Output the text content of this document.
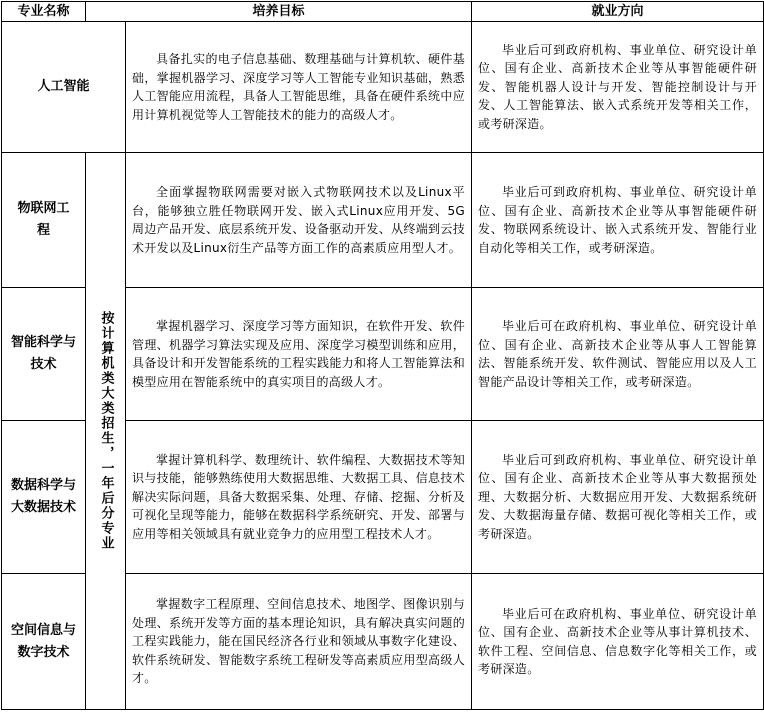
专业名称	培养目标		就业方向
人工智能		具备扎实的电子信息基础、数理基础与计算机软、硬件基础，掌握机器学习、深度学习等人工智能专业知识基础，熟悉人工智能应用流程，具备人工智能思维，具备在硬件系统中应用计算机视觉等人工智能技术的能力的高级人才。	毕业后可到政府机构、事业单位、研究设计单位、国有企业、高新技术企业等从事智能硬件研发、智能机器人设计与开发、智能控制设计与开发、人工智能算法、嵌入式系统开发等相关工作，或考研深造。

物联网工程	按计算机类大类招生，一年后分专业	全面掌握物联网需要对嵌入式物联网技术以及Linux平台，能够独立胜任物联网开发、嵌入式Linux应用开发、5G周边产品开发、底层系统开发、设备驱动开发、从终端到云技术开发以及Linux衍生产品等方面工作的高素质应用型人才。	毕业后可到政府机构、事业单位、研究设计单位、国有企业、高新技术企业等从事智能硬件研发、物联网系统设计、嵌入式系统开发、智能行业自动化等相关工作，或考研深造。

智能科学与技术		掌握机器学习、深度学习等方面知识，在软件开发、软件管理、机器学习算法实现及应用、深度学习模型训练和应用，具备设计和开发智能系统的工程实践能力和将人工智能算法和模型应用在智能系统中的真实项目的高级人才。	毕业后可在政府机构、事业单位、研究设计单位、国有企业、高新技术企业等从事人工智能算法、智能系统开发、软件测试、智能应用以及人工智能产品设计等相关工作，或考研深造。

数据科学与大数据技术		掌握计算机科学、数理统计、软件编程、大数据技术等知识与技能，能够熟练使用大数据思维、大数据工具、信息技术解决实际问题，具备大数据采集、处理、存储、挖掘、分析及可视化呈现等能力，能够在数据科学系统研究、开发、部署与应用等相关领域具有就业竞争力的应用型工程技术人才。	毕业后可到政府机构、事业单位、研究设计单位、国有企业、高新技术企业等从事大数据预处理、大数据分析、大数据应用开发、大数据系统研发、大数据海量存储、数据可视化等相关工作，或考研深造。

空间信息与数字技术		掌握数字工程原理、空间信息技术、地图学、图像识别与处理、系统开发等方面的基本理论知识，具有解决真实问题的工程实践能力，能在国民经济各行业和领域从事数字化建设、软件系统研发、智能数字系统工程研发等高素质应用型高级人才。	毕业后可在政府机构、事业单位、研究设计单位、国有企业、高新技术企业等从事计算机技术、软件工程、空间信息、信息数字化等相关工作，或考研深造。
